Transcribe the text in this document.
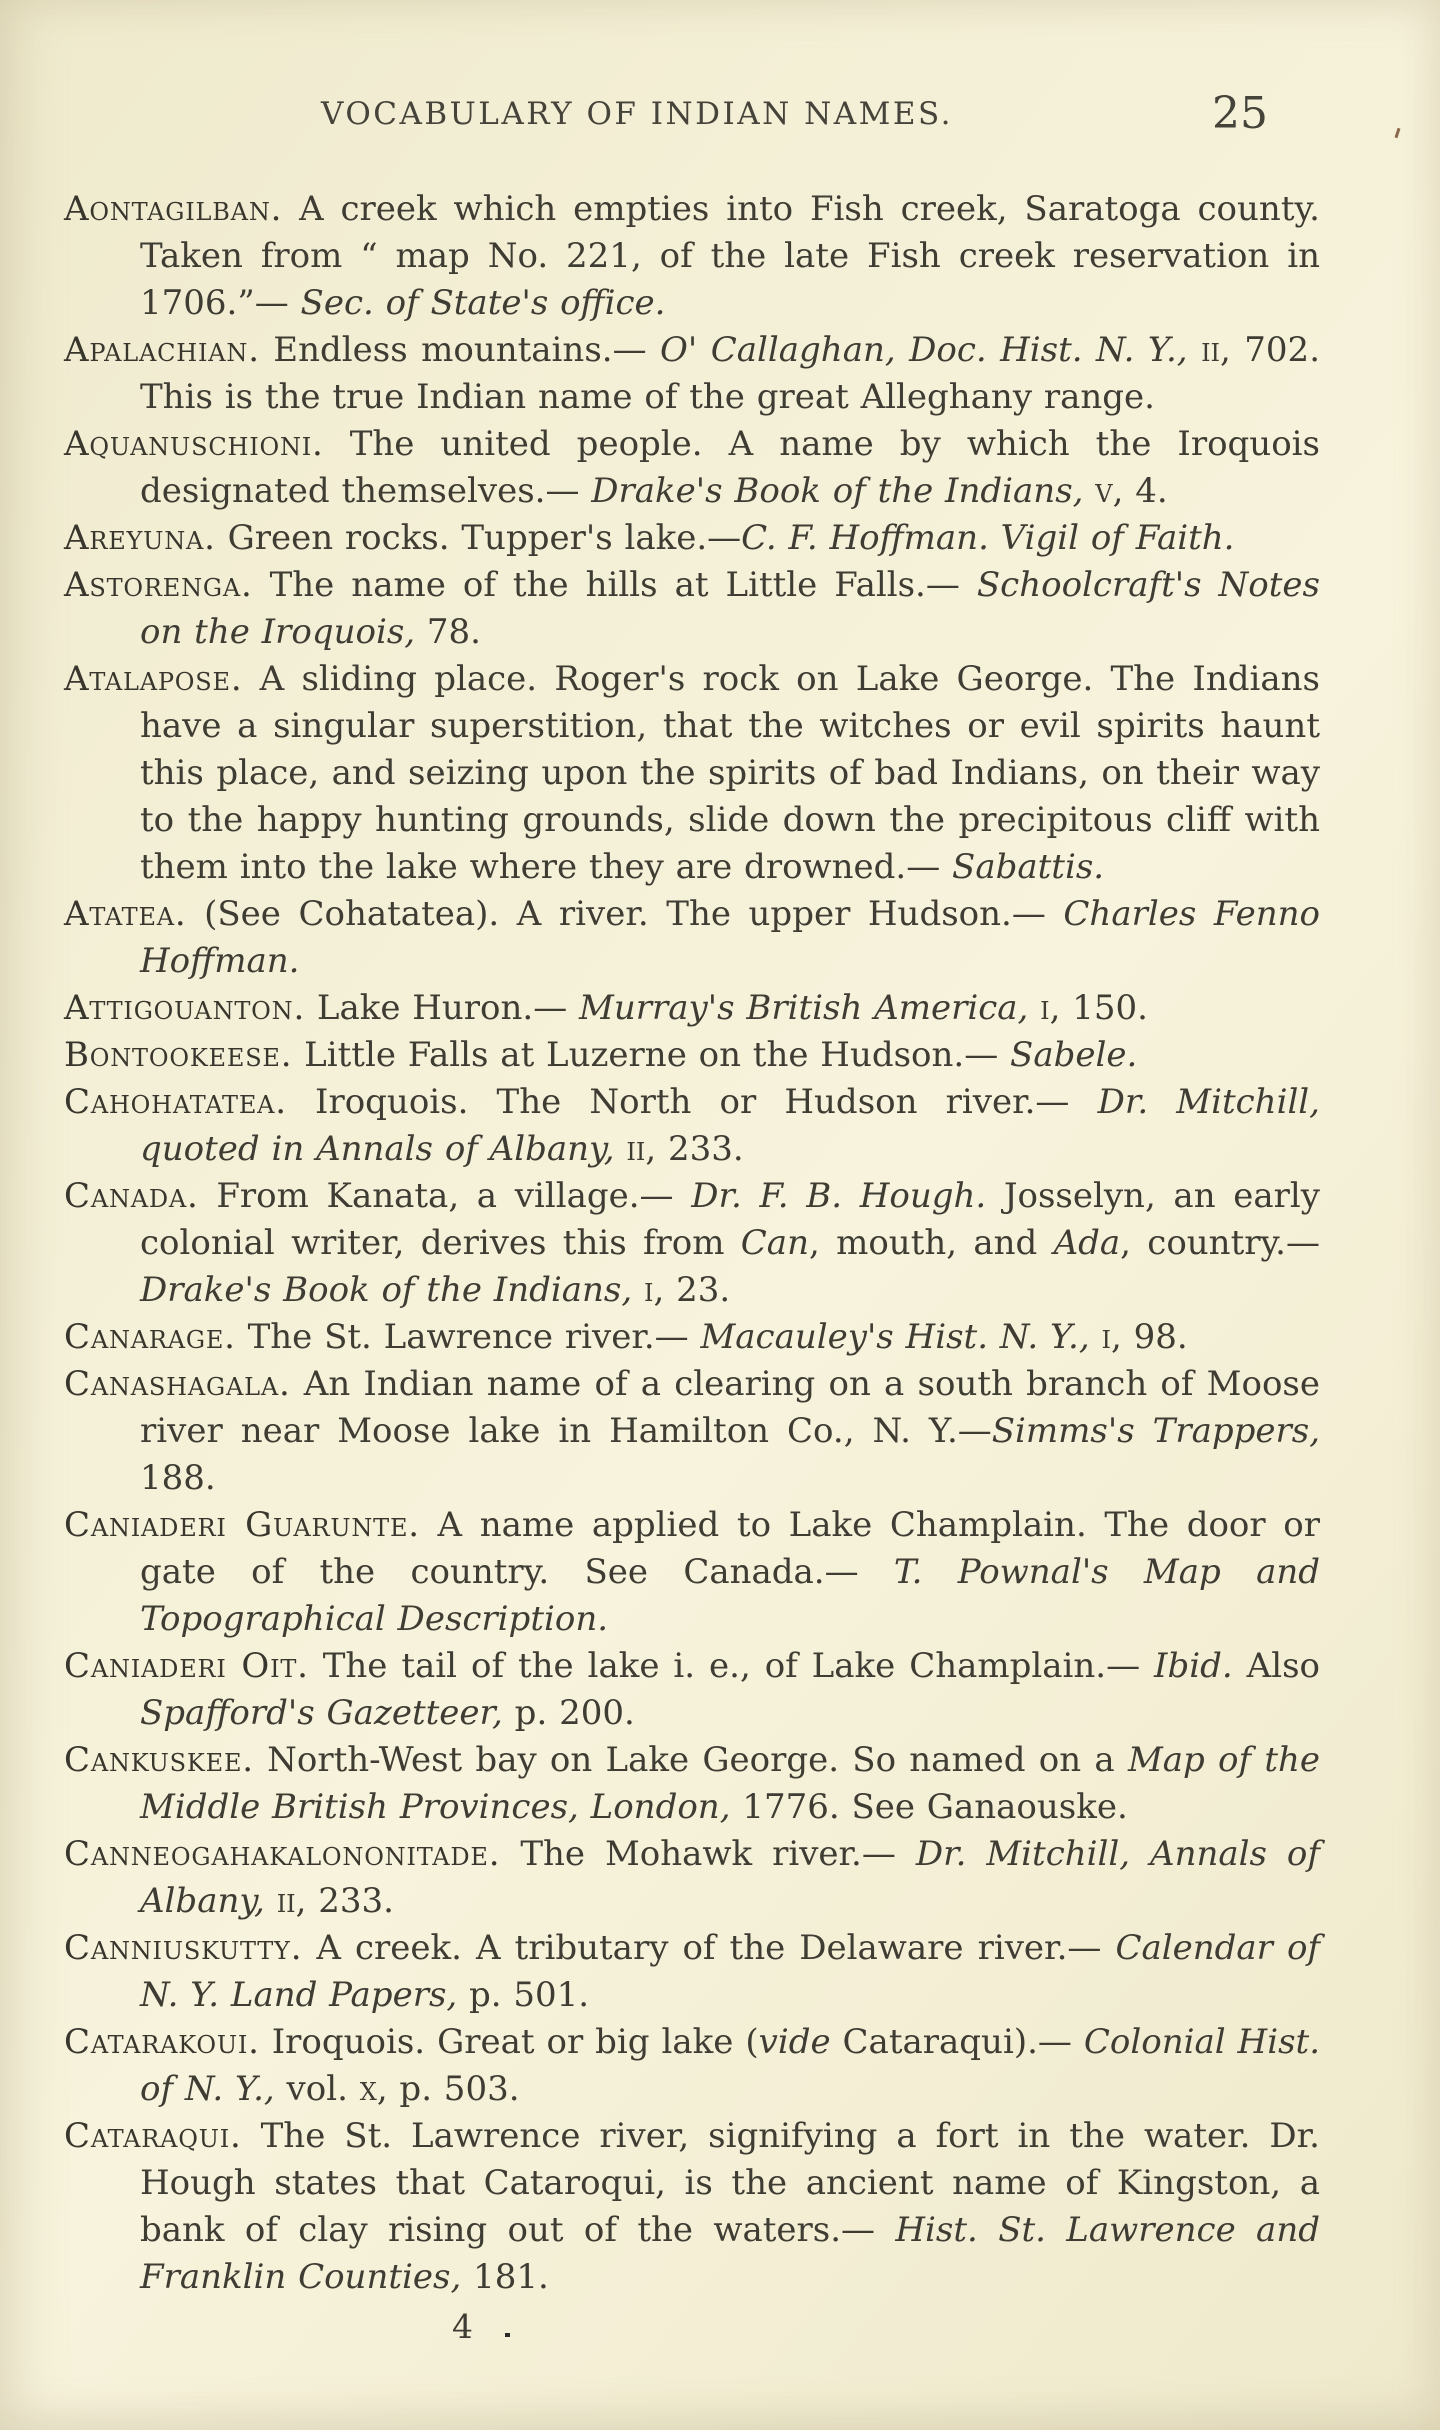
VOCABULARY OF INDIAN NAMES.	25

Aontagilban. A creek which empties into Fish creek, Saratoga county. Taken from “ map No. 221, of the late Fish creek reservation in 1706.”— Sec. of State's office.

Apalachian. Endless mountains.— O' Callaghan, Doc. Hist. N. Y., ii, 702. This is the true Indian name of the great Alleghany range.

Aquanuschioni. The united people. A name by which the Iroquois designated themselves.— Drake's Book of the Indians, v, 4.

Areyuna. Green rocks. Tupper's lake.—C. F. Hoffman. Vigil of Faith.

Astorenga. The name of the hills at Little Falls.— Schoolcraft's Notes on the Iroquois, 78.

Atalapose. A sliding place. Roger's rock on Lake George. The Indians have a singular superstition, that the witches or evil spirits haunt this place, and seizing upon the spirits of bad Indians, on their way to the happy hunting grounds, slide down the precipitous cliff with them into the lake where they are drowned.— Sabattis.

Atatea. (See Cohatatea). A river. The upper Hudson.— Charles Fenno Hoffman.

Attigouanton. Lake Huron.— Murray's British America, i, 150.

Bontookeese. Little Falls at Luzerne on the Hudson.— Sabele.

Cahohatatea. Iroquois. The North or Hudson river.— Dr. Mitchill, quoted in Annals of Albany, ii, 233.

Canada. From Kanata, a village.— Dr. F. B. Hough. Josselyn, an early colonial writer, derives this from Can, mouth, and Ada, country.— Drake's Book of the Indians, i, 23.

Canarage. The St. Lawrence river.— Macauley's Hist. N. Y., i, 98.

Canashagala. An Indian name of a clearing on a south branch of Moose river near Moose lake in Hamilton Co., N. Y.—Simms's Trappers, 188.

Caniaderi Guarunte. A name applied to Lake Champlain. The door or gate of the country. See Canada.— T. Pownal's Map and Topographical Description.

Caniaderi Oit. The tail of the lake i. e., of Lake Champlain.— Ibid. Also Spafford's Gazetteer, p. 200.

Cankuskee. North-West bay on Lake George. So named on a Map of the Middle British Provinces, London, 1776. See Ganaouske.

Canneogahakalononitade. The Mohawk river.— Dr. Mitchill, Annals of Albany, ii, 233.

Canniuskutty. A creek. A tributary of the Delaware river.— Calendar of N. Y. Land Papers, p. 501.

Catarakoui. Iroquois. Great or big lake (vide Cataraqui).— Colonial Hist. of N. Y., vol. x, p. 503.

Cataraqui. The St. Lawrence river, signifying a fort in the water. Dr. Hough states that Cataroqui, is the ancient name of Kingston, a bank of clay rising out of the waters.— Hist. St. Lawrence and Franklin Counties, 181.

4
